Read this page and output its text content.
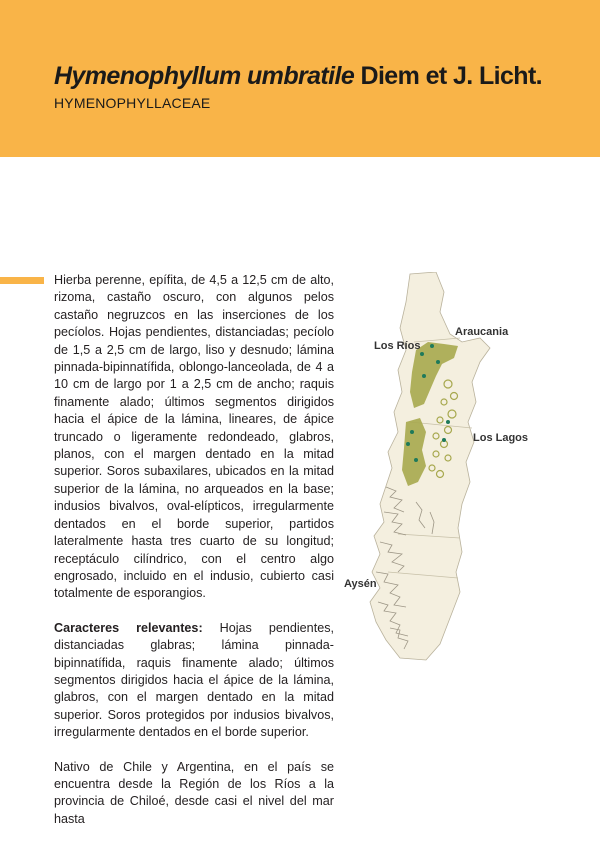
Hymenophyllum umbratile Diem et J. Licht.
HYMENOPHYLLACEAE

Hierba perenne, epífita, de 4,5 a 12,5 cm de alto, rizoma, castaño oscuro, con algunos pelos castaño negruzcos en las inserciones de los pecíolos. Hojas pendientes, distanciadas; pecíolo de 1,5 a 2,5 cm de largo, liso y desnudo; lámina pinnada-bipinnatífida, oblongo-lanceolada, de 4 a 10 cm de largo por 1 a 2,5 cm de ancho; raquis finamente alado; últimos segmentos dirigidos hacia el ápice de la lámina, lineares, de ápice truncado o ligeramente redondeado, glabros, planos, con el margen dentado en la mitad superior. Soros subaxilares, ubicados en la mitad superior de la lámina, no arqueados en la base; indusios bivalvos, oval-elípticos, irregularmente dentados en el borde superior, partidos lateralmente hasta tres cuarto de su longitud; receptáculo cilíndrico, con el centro algo engrosado, incluido en el indusio, cubierto casi totalmente de esporangios.

Caracteres relevantes: Hojas pendientes, distanciadas glabras; lámina pinnada-bipinnatífida, raquis finamente alado; últimos segmentos dirigidos hacia el ápice de la lámina, glabros, con el margen dentado en la mitad superior. Soros protegidos por indusios bivalvos, irregularmente dentados en el borde superior.

Nativo de Chile y Argentina, en el país se encuentra desde la Región de los Ríos a la provincia de Chiloé, desde casi el nivel del mar hasta

Araucania
Los Ríos
Los Lagos
Aysén
